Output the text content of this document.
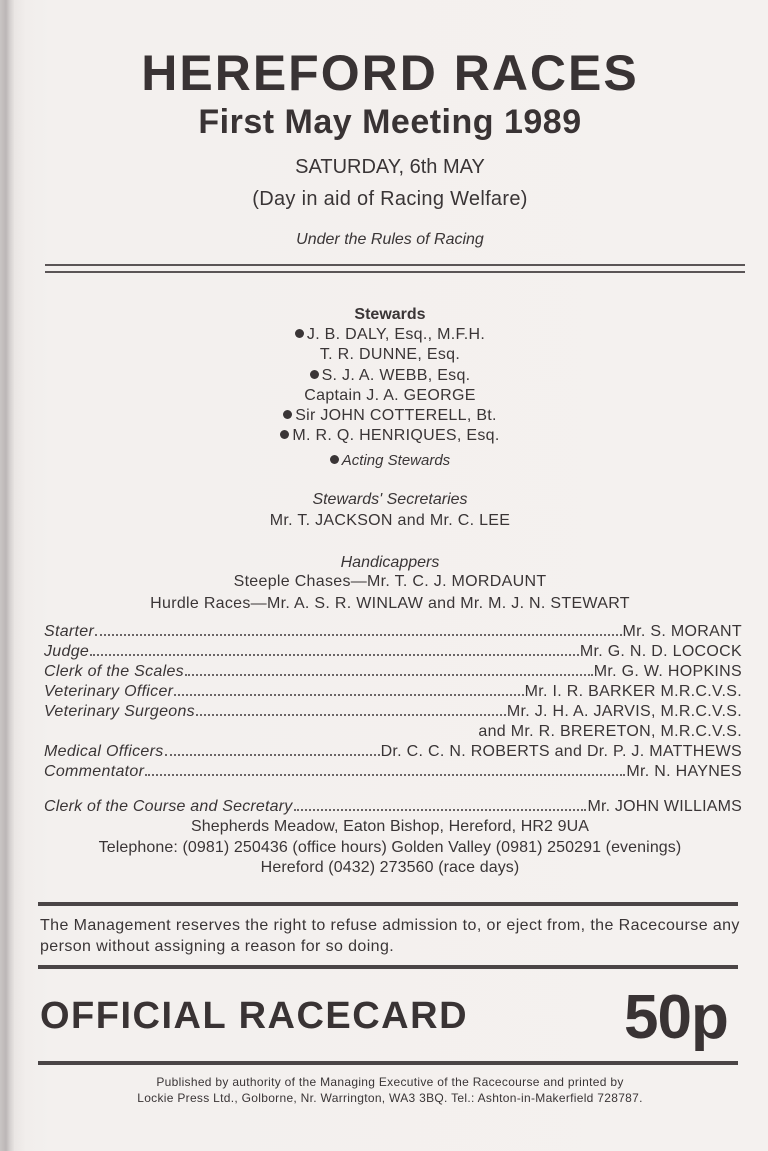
HEREFORD RACES
First May Meeting 1989
SATURDAY, 6th MAY
(Day in aid of Racing Welfare)
Under the Rules of Racing
Stewards
J. B. DALY, Esq., M.F.H.
T. R. DUNNE, Esq.
S. J. A. WEBB, Esq.
Captain J. A. GEORGE
Sir JOHN COTTERELL, Bt.
M. R. Q. HENRIQUES, Esq.
Acting Stewards
Stewards' Secretaries
Mr. T. JACKSON and Mr. C. LEE
Handicappers
Steeple Chases—Mr. T. C. J. MORDAUNT
Hurdle Races—Mr. A. S. R. WINLAW and Mr. M. J. N. STEWART
Starter	Mr. S. MORANT
Judge	Mr. G. N. D. LOCOCK
Clerk of the Scales	Mr. G. W. HOPKINS
Veterinary Officer	Mr. I. R. BARKER M.R.C.V.S.
Veterinary Surgeons	Mr. J. H. A. JARVIS, M.R.C.V.S.
and Mr. R. BRERETON, M.R.C.V.S.
Medical Officers	Dr. C. C. N. ROBERTS and Dr. P. J. MATTHEWS
Commentator	Mr. N. HAYNES
Clerk of the Course and Secretary	Mr. JOHN WILLIAMS
Shepherds Meadow, Eaton Bishop, Hereford, HR2 9UA
Telephone: (0981) 250436 (office hours) Golden Valley (0981) 250291 (evenings)
Hereford (0432) 273560 (race days)
The Management reserves the right to refuse admission to, or eject from, the Racecourse any person without assigning a reason for so doing.
OFFICIAL RACECARD	50p
Published by authority of the Managing Executive of the Racecourse and printed by
Lockie Press Ltd., Golborne, Nr. Warrington, WA3 3BQ. Tel.: Ashton-in-Makerfield 728787.
